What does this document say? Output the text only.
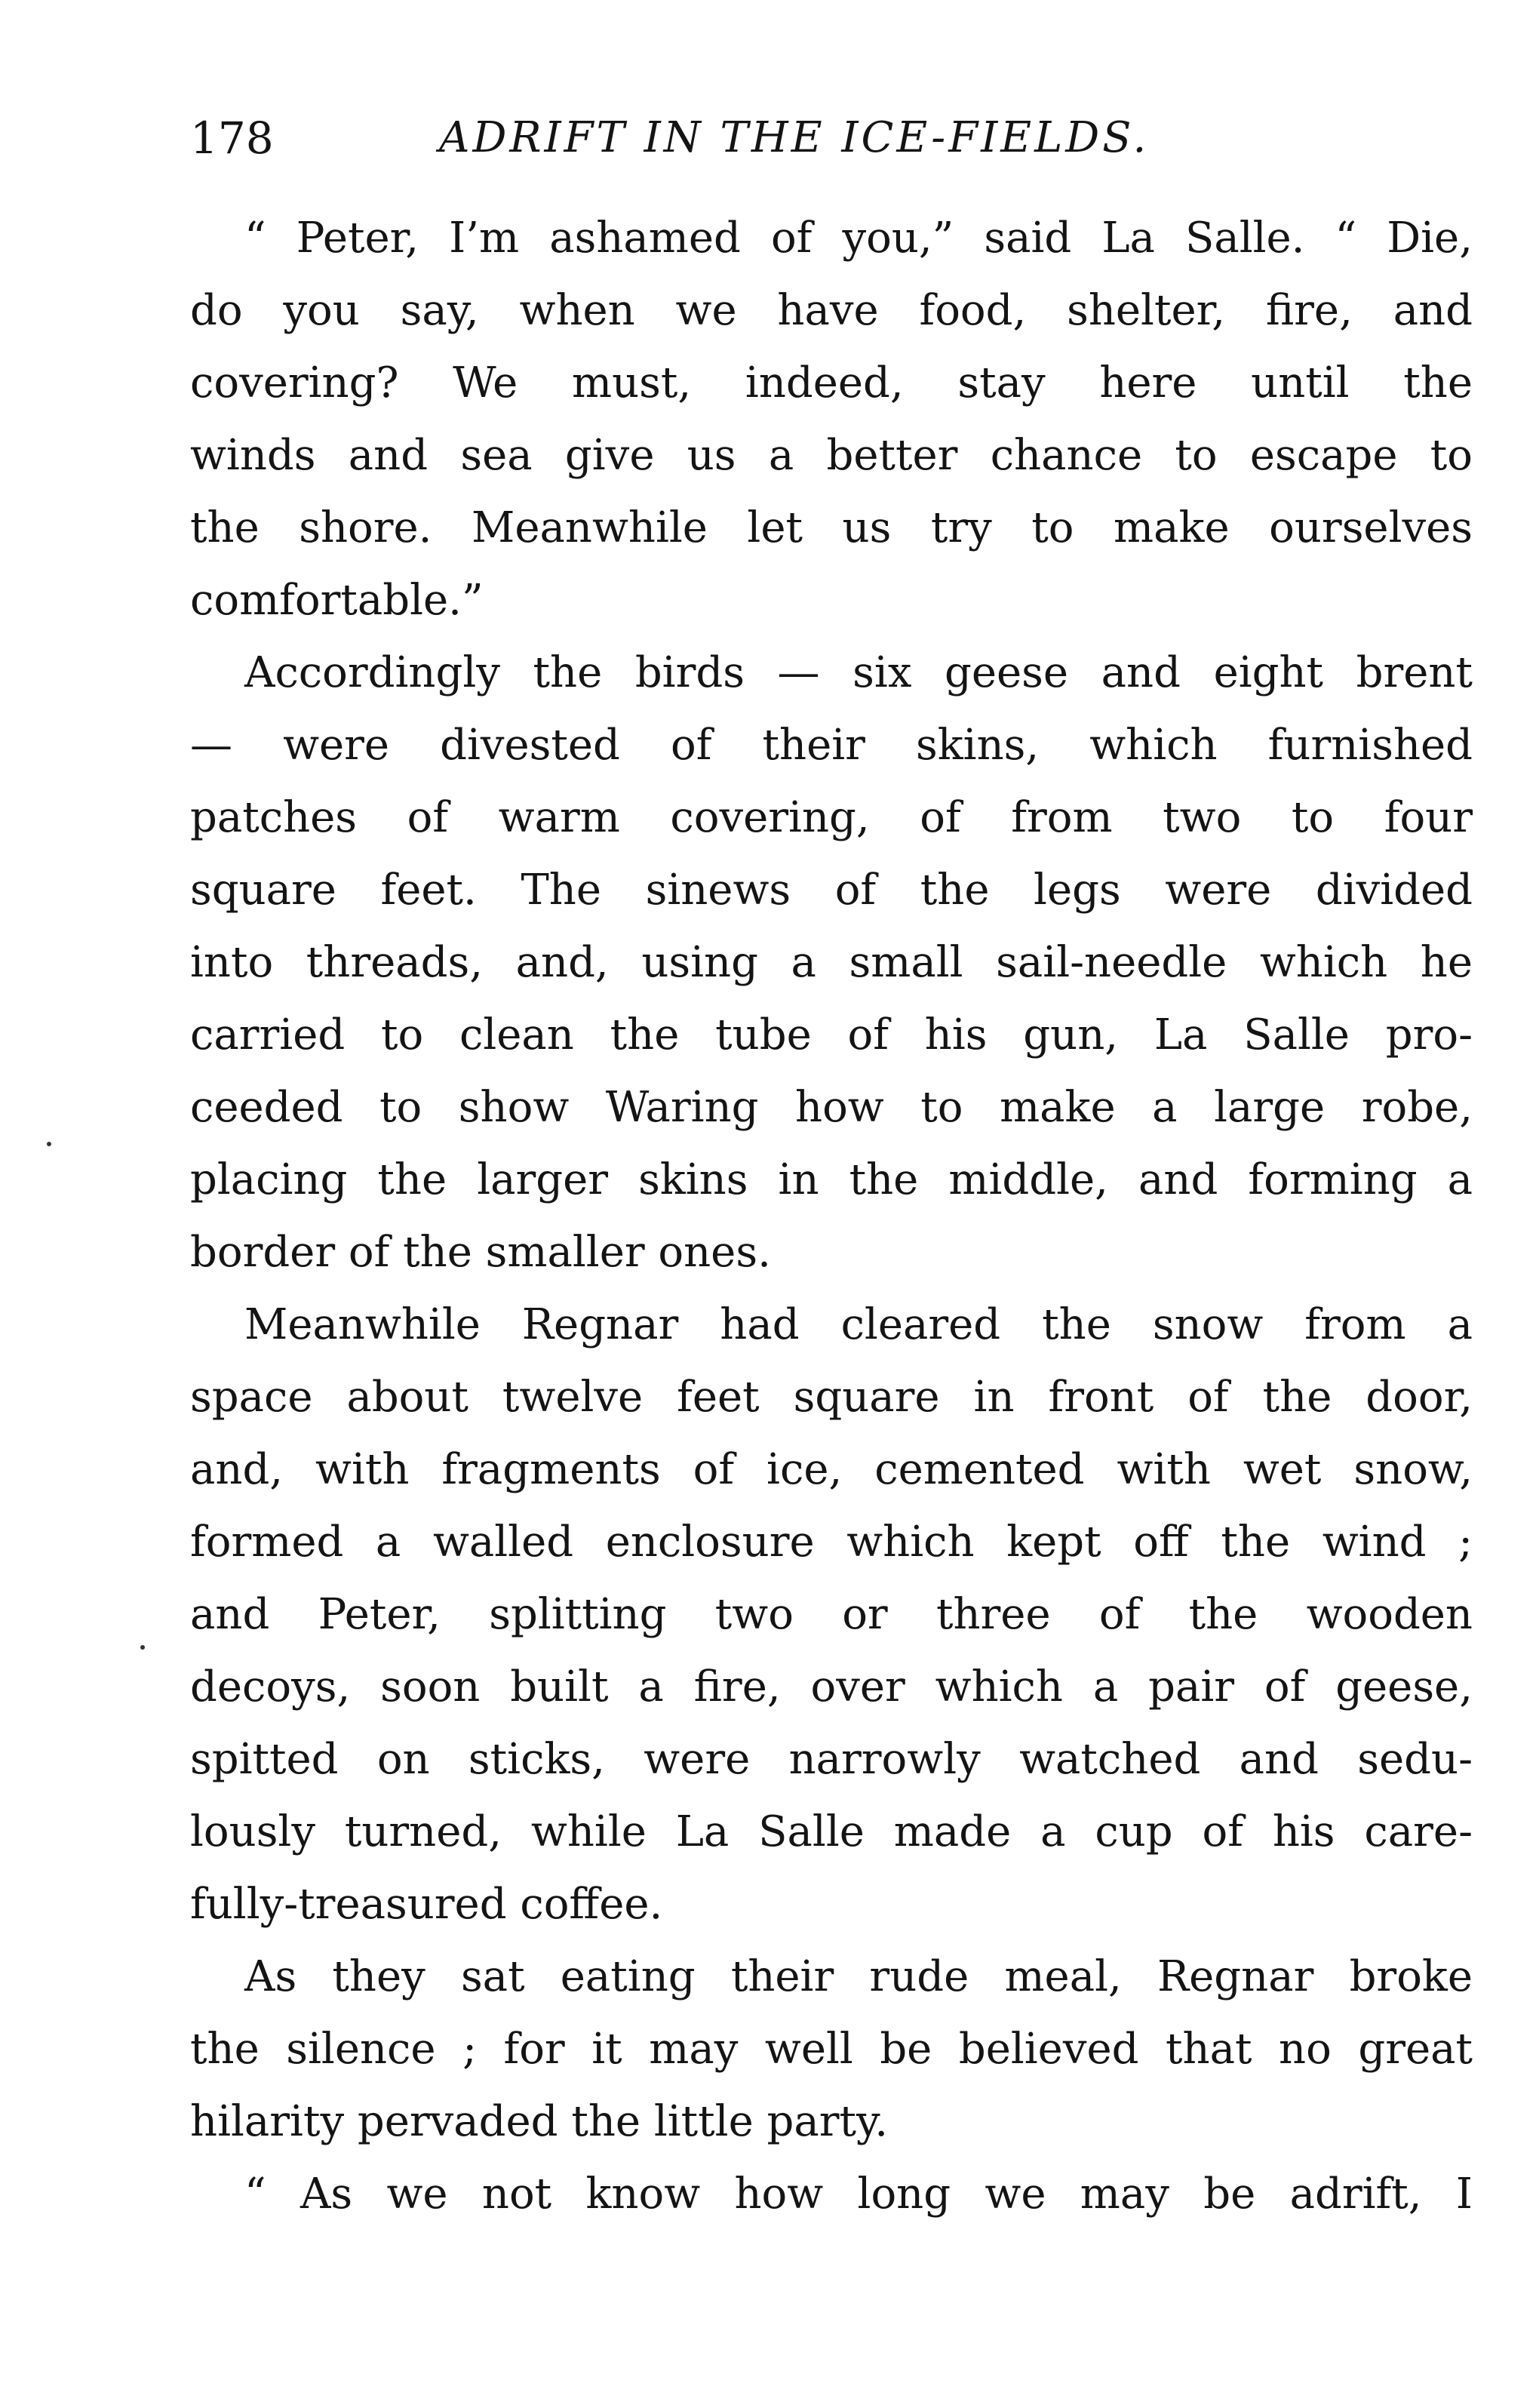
178	ADRIFT IN THE ICE-FIELDS.
“ Peter, I’m ashamed of you,” said La Salle. “ Die,
do you say, when we have food, shelter, fire, and
covering? We must, indeed, stay here until the
winds and sea give us a better chance to escape to
the shore. Meanwhile let us try to make ourselves
comfortable.”
Accordingly the birds — six geese and eight brent
— were divested of their skins, which furnished
patches of warm covering, of from two to four
square feet. The sinews of the legs were divided
into threads, and, using a small sail-needle which he
carried to clean the tube of his gun, La Salle pro-
ceeded to show Waring how to make a large robe,
placing the larger skins in the middle, and forming a
border of the smaller ones.
Meanwhile Regnar had cleared the snow from a
space about twelve feet square in front of the door,
and, with fragments of ice, cemented with wet snow,
formed a walled enclosure which kept off the wind ;
and Peter, splitting two or three of the wooden
decoys, soon built a fire, over which a pair of geese,
spitted on sticks, were narrowly watched and sedu-
lously turned, while La Salle made a cup of his care-
fully-treasured coffee.
As they sat eating their rude meal, Regnar broke
the silence ; for it may well be believed that no great
hilarity pervaded the little party.
“ As we not know how long we may be adrift, I
